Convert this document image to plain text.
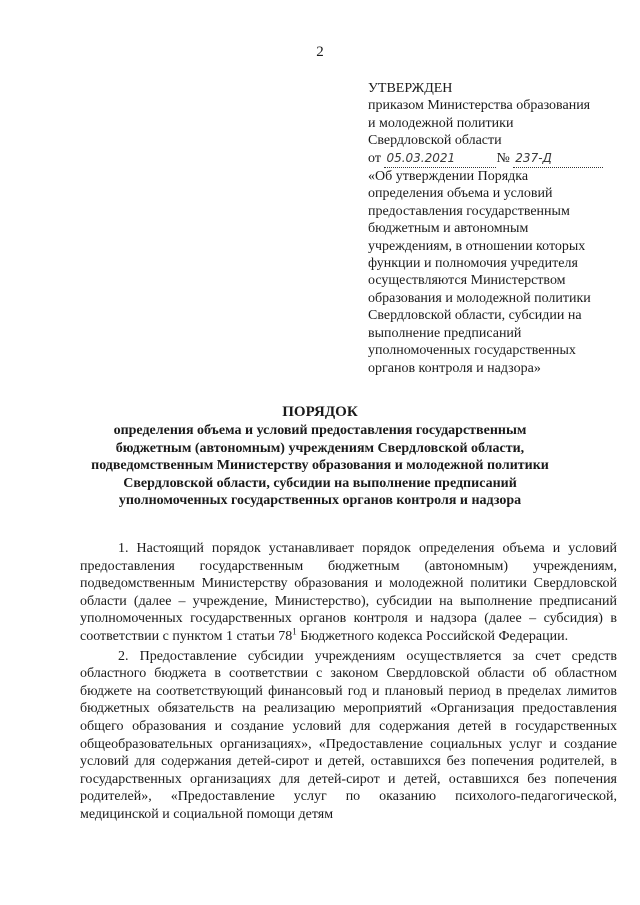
2
УТВЕРЖДЕН
приказом Министерства образования
и молодежной политики
Свердловской области
от 05.03.2021	№ 237-Д
«Об утверждении Порядка
определения объема и условий
предоставления государственным
бюджетным и автономным
учреждениям, в отношении которых
функции и полномочия учредителя
осуществляются Министерством
образования и молодежной политики
Свердловской области, субсидии на
выполнение предписаний
уполномоченных государственных
органов контроля и надзора»
ПОРЯДОК
определения объема и условий предоставления государственным
бюджетным (автономным) учреждениям Свердловской области,
подведомственным Министерству образования и молодежной политики
Свердловской области, субсидии на выполнение предписаний
уполномоченных государственных органов контроля и надзора

1. Настоящий порядок устанавливает порядок определения объема и условий предоставления государственным бюджетным (автономным) учреждениям, подведомственным Министерству образования и молодежной политики Свердловской области (далее – учреждение, Министерство), субсидии на выполнение предписаний уполномоченных государственных органов контроля и надзора (далее – субсидия) в соответствии с пунктом 1 статьи $78^1$ Бюджетного кодекса Российской Федерации.

2. Предоставление субсидии учреждениям осуществляется за счет средств областного бюджета в соответствии с законом Свердловской области об областном бюджете на соответствующий финансовый год и плановый период в пределах лимитов бюджетных обязательств на реализацию мероприятий «Организация предоставления общего образования и создание условий для содержания детей в государственных общеобразовательных организациях», «Предоставление социальных услуг и создание условий для содержания детей-сирот и детей, оставшихся без попечения родителей, в государственных организациях для детей-сирот и детей, оставшихся без попечения родителей», «Предоставление услуг по оказанию психолого-педагогической, медицинской и социальной помощи детям
